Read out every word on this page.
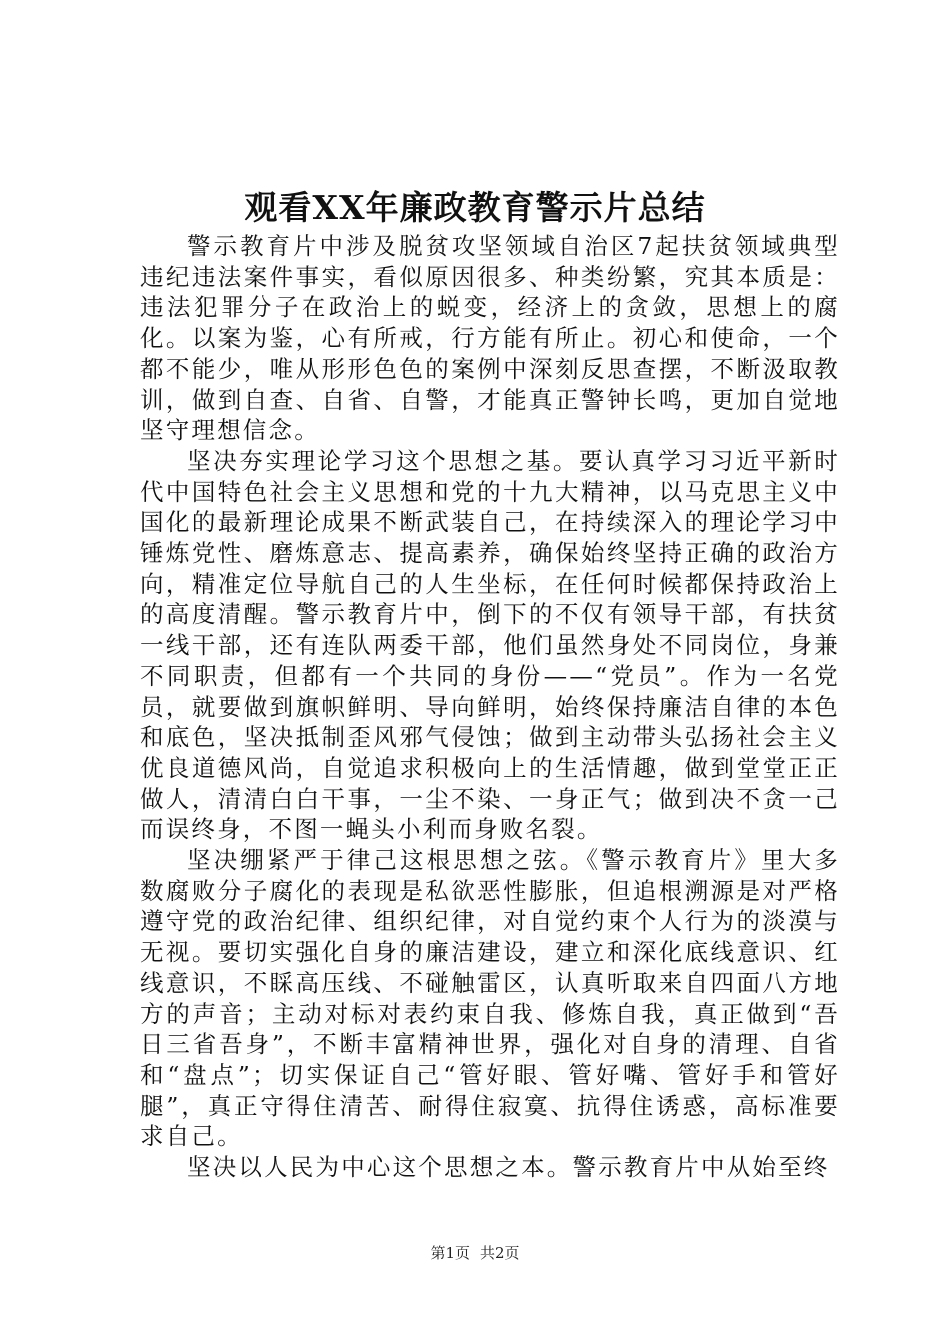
观看XX年廉政教育警示片总结

警示教育片中涉及脱贫攻坚领域自治区7起扶贫领域典型违纪违法案件事实，看似原因很多、种类纷繁，究其本质是：违法犯罪分子在政治上的蜕变，经济上的贪敛，思想上的腐化。以案为鉴，心有所戒，行方能有所止。初心和使命，一个都不能少，唯从形形色色的案例中深刻反思查摆，不断汲取教训，做到自查、自省、自警，才能真正警钟长鸣，更加自觉地坚守理想信念。

坚决夯实理论学习这个思想之基。要认真学习习近平新时代中国特色社会主义思想和党的十九大精神，以马克思主义中国化的最新理论成果不断武装自己，在持续深入的理论学习中锤炼党性、磨炼意志、提高素养，确保始终坚持正确的政治方向，精准定位导航自己的人生坐标，在任何时候都保持政治上的高度清醒。警示教育片中，倒下的不仅有领导干部，有扶贫一线干部，还有连队两委干部，他们虽然身处不同岗位，身兼不同职责，但都有一个共同的身份——“党员”。作为一名党员，就要做到旗帜鲜明、导向鲜明，始终保持廉洁自律的本色和底色，坚决抵制歪风邪气侵蚀；做到主动带头弘扬社会主义优良道德风尚，自觉追求积极向上的生活情趣，做到堂堂正正做人，清清白白干事，一尘不染、一身正气；做到决不贪一己而误终身，不图一蝇头小利而身败名裂。

坚决绷紧严于律己这根思想之弦。《警示教育片》里大多数腐败分子腐化的表现是私欲恶性膨胀，但追根溯源是对严格遵守党的政治纪律、组织纪律，对自觉约束个人行为的淡漠与无视。要切实强化自身的廉洁建设，建立和深化底线意识、红线意识，不睬高压线、不碰触雷区，认真听取来自四面八方地方的声音；主动对标对表约束自我、修炼自我，真正做到“吾日三省吾身”，不断丰富精神世界，强化对自身的清理、自省和“盘点”；切实保证自己“管好眼、管好嘴、管好手和管好腿”，真正守得住清苦、耐得住寂寞、抗得住诱惑，高标准要求自己。

坚决以人民为中心这个思想之本。警示教育片中从始至终

第1页 共2页
